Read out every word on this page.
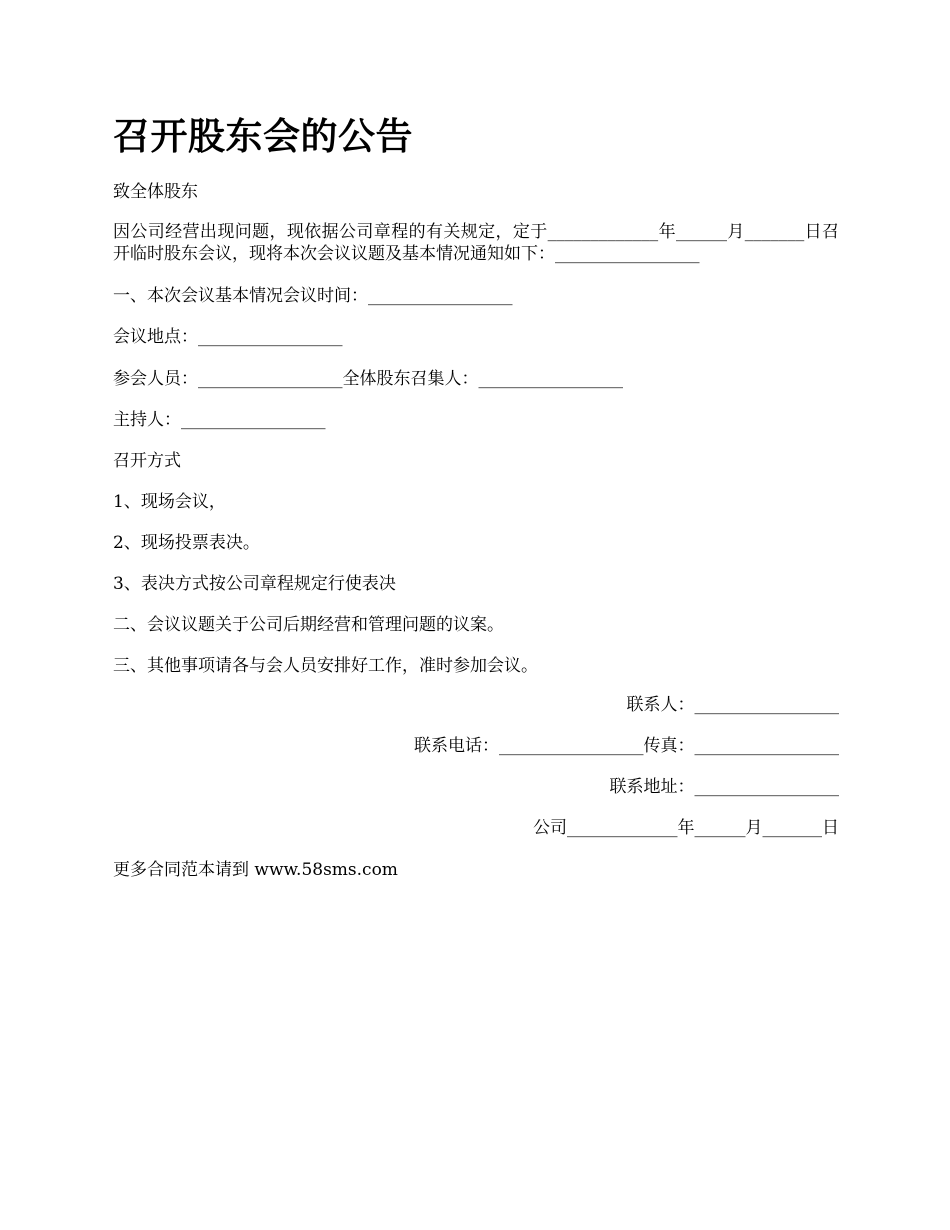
召开股东会的公告
致全体股东
因公司经营出现问题，现依据公司章程的有关规定，定于_____________年______月_______日召开临时股东会议，现将本次会议议题及基本情况通知如下：_________________
一、本次会议基本情况会议时间：_________________
会议地点：_________________
参会人员：_________________全体股东召集人：_________________
主持人：_________________
召开方式
1、现场会议，
2、现场投票表决。
3、表决方式按公司章程规定行使表决
二、会议议题关于公司后期经营和管理问题的议案。
三、其他事项请各与会人员安排好工作，准时参加会议。
联系人：_________________
联系电话：_________________传真：_________________
联系地址：_________________
公司_____________年______月_______日
更多合同范本请到 www.58sms.com
